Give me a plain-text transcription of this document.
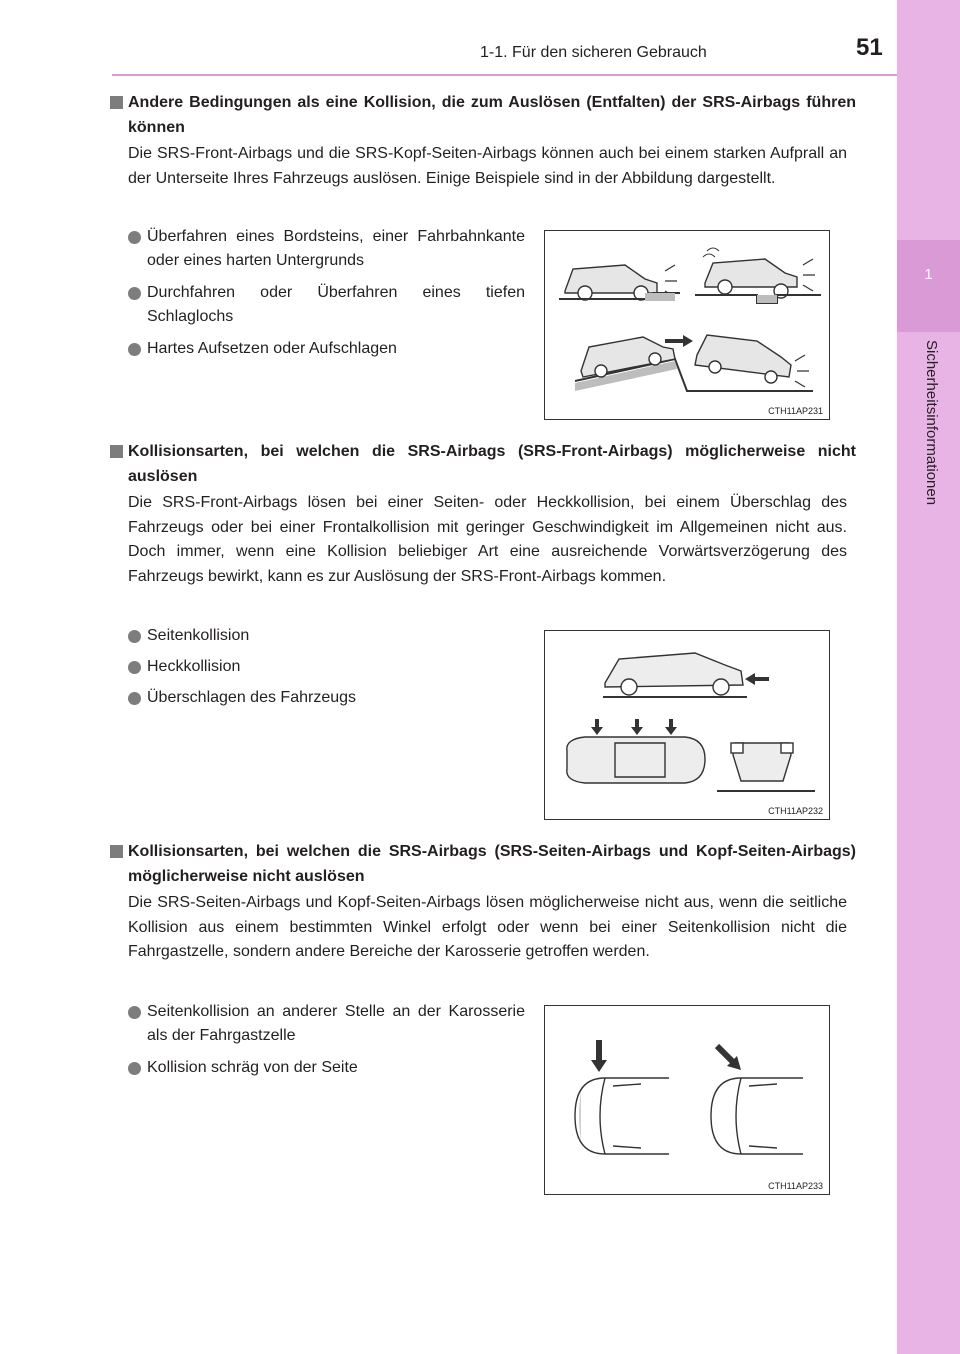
1
Sicherheitsinformationen
1-1. Für den sicheren Gebrauch	51
Andere Bedingungen als eine Kollision, die zum Auslösen (Entfalten) der SRS-Airbags führen können
Die SRS-Front-Airbags und die SRS-Kopf-Seiten-Airbags können auch bei einem starken Aufprall an der Unterseite Ihres Fahrzeugs auslösen. Einige Beispiele sind in der Abbildung dargestellt.
Überfahren eines Bordsteins, einer Fahrbahnkante oder eines harten Untergrunds
Durchfahren oder Überfahren eines tiefen Schlaglochs
Hartes Aufsetzen oder Aufschlagen
CTH11AP231
Kollisionsarten, bei welchen die SRS-Airbags (SRS-Front-Airbags) möglicherweise nicht auslösen
Die SRS-Front-Airbags lösen bei einer Seiten- oder Heckkollision, bei einem Überschlag des Fahrzeugs oder bei einer Frontalkollision mit geringer Geschwindigkeit im Allgemeinen nicht aus. Doch immer, wenn eine Kollision beliebiger Art eine ausreichende Vorwärtsverzögerung des Fahrzeugs bewirkt, kann es zur Auslösung der SRS-Front-Airbags kommen.
Seitenkollision
Heckkollision
Überschlagen des Fahrzeugs
CTH11AP232
Kollisionsarten, bei welchen die SRS-Airbags (SRS-Seiten-Airbags und Kopf-Seiten-Airbags) möglicherweise nicht auslösen
Die SRS-Seiten-Airbags und Kopf-Seiten-Airbags lösen möglicherweise nicht aus, wenn die seitliche Kollision aus einem bestimmten Winkel erfolgt oder wenn bei einer Seitenkollision nicht die Fahrgastzelle, sondern andere Bereiche der Karosserie getroffen werden.
Seitenkollision an anderer Stelle an der Karosserie als der Fahrgastzelle
Kollision schräg von der Seite
CTH11AP233
